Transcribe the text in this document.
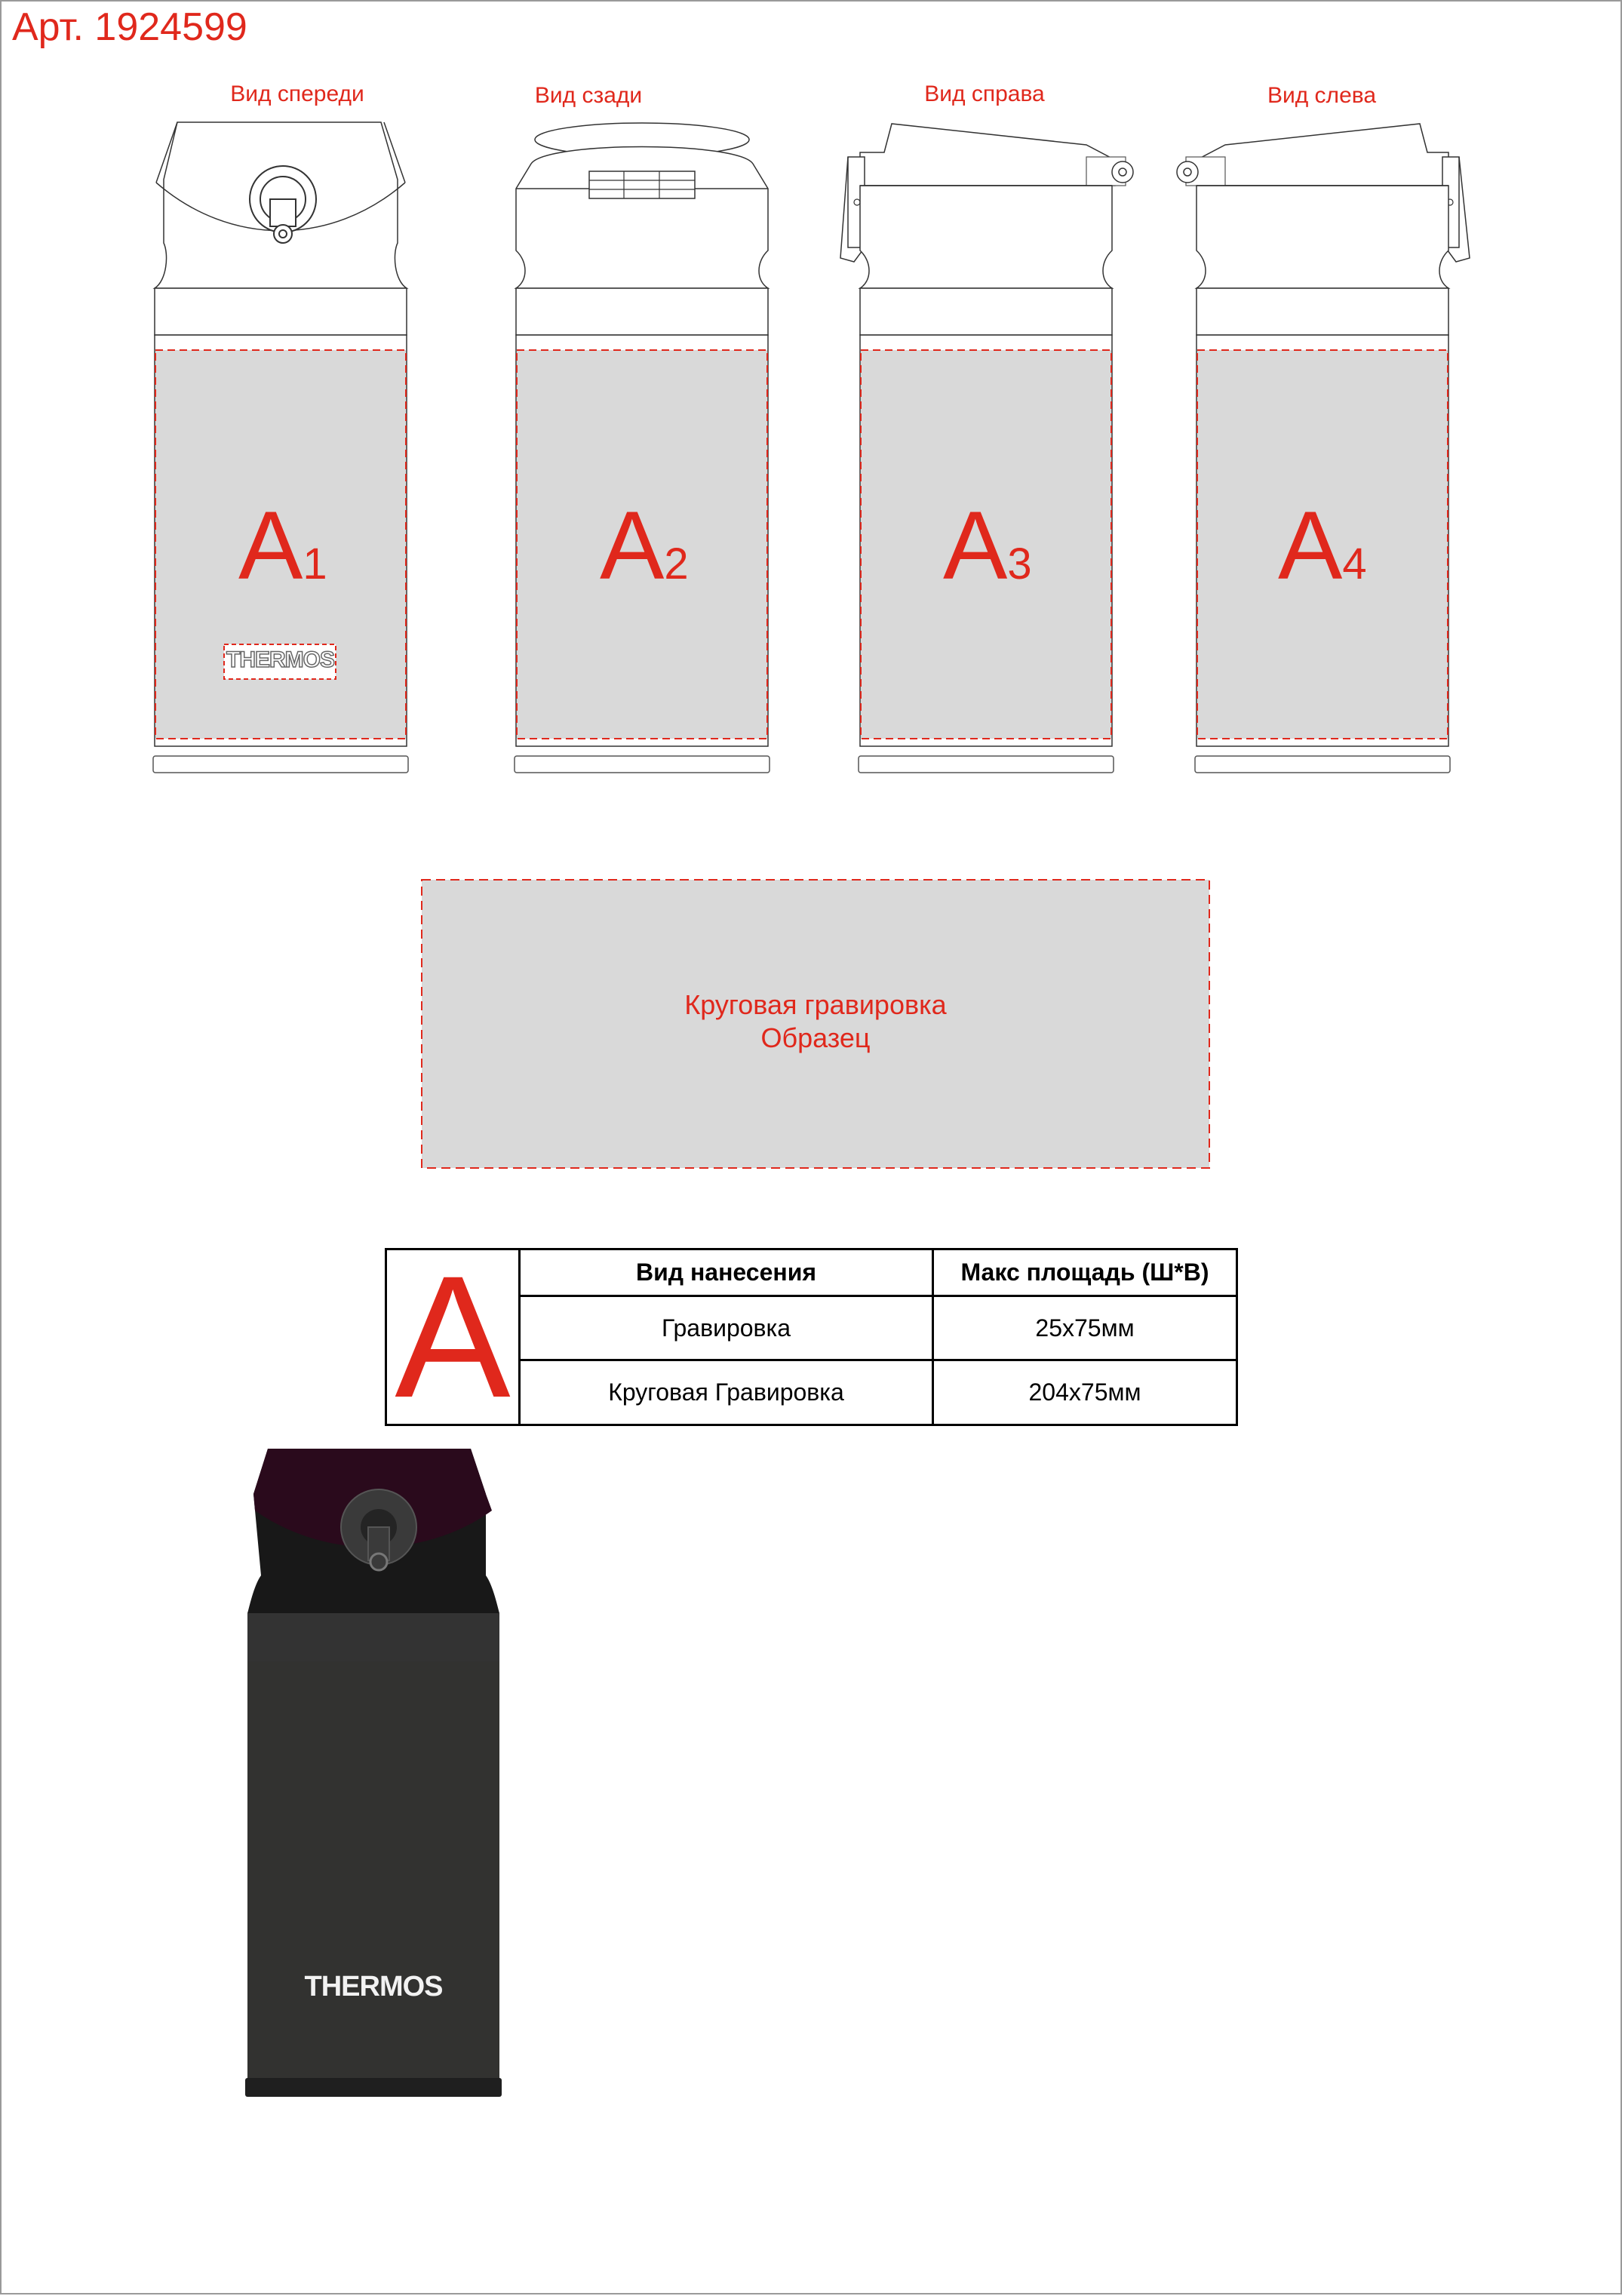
Арт. 1924599
Вид спереди	Вид сзади	Вид справа	Вид слева
A1	A2	A3	A4
THERMOS
Круговая гравировка
Образец
A	Вид нанесения	Макс площадь (Ш*В)
	Гравировка	25x75мм
	Круговая Гравировка	204x75мм
THERMOS
